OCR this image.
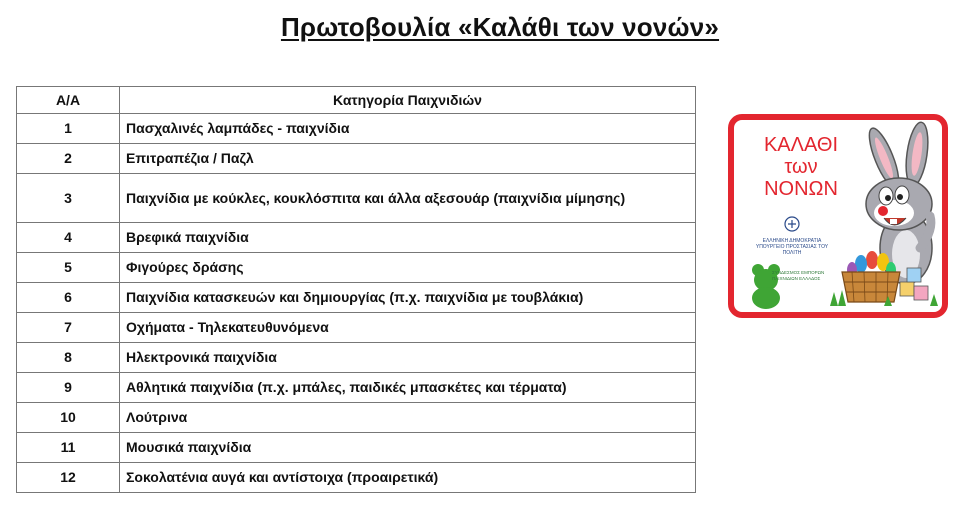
Πρωτοβουλία «Καλάθι των νονών»
Α/Α	Κατηγορία Παιχνιδιών
1	Πασχαλινές λαμπάδες - παιχνίδια
2	Επιτραπέζια / Παζλ
3	Παιχνίδια με κούκλες, κουκλόσπιτα και άλλα αξεσουάρ (παιχνίδια μίμησης)
4	Βρεφικά παιχνίδια
5	Φιγούρες δράσης
6	Παιχνίδια κατασκευών και δημιουργίας (π.χ. παιχνίδια με τουβλάκια)
7	Οχήματα - Τηλεκατευθυνόμενα
8	Ηλεκτρονικά παιχνίδια
9	Αθλητικά παιχνίδια (π.χ. μπάλες, παιδικές μπασκέτες και τέρματα)
10	Λούτρινα
11	Μουσικά παιχνίδια
12	Σοκολατένια αυγά και αντίστοιχα (προαιρετικά)
ΚΑΛΑΘΙ
των ΝΟΝΩΝ
ΕΛΛΗΝΙΚΗ ΔΗΜΟΚΡΑΤΙΑ ΥΠΟΥΡΓΕΙΟ ΠΡΟΣΤΑΣΙΑΣ ΤΟΥ ΠΟΛΙΤΗ
ΣΥΝΔΕΣΜΟΣ ΕΜΠΟΡΩΝ ΠΑΙΧΝΙΔΙΩΝ ΕΛΛΑΔΟΣ
